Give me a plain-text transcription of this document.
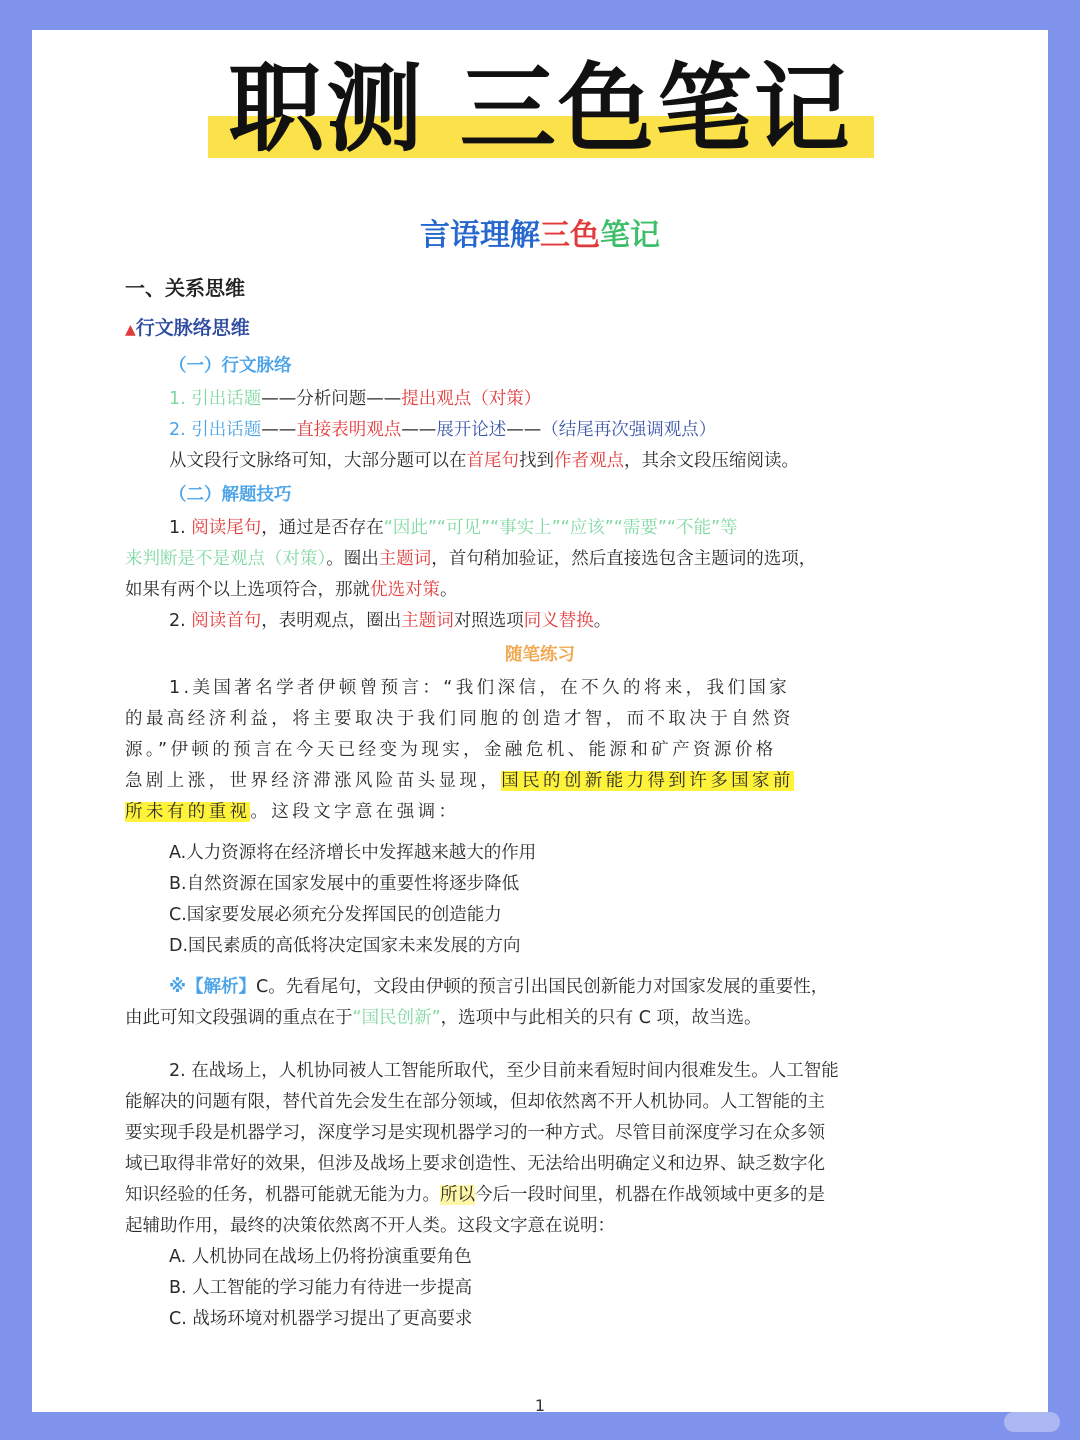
职测 三色笔记
言语理解三色笔记
一、关系思维
▲行文脉络思维
（一）行文脉络
1. 引出话题——分析问题——提出观点（对策）
2. 引出话题——直接表明观点——展开论述——（结尾再次强调观点）
从文段行文脉络可知，大部分题可以在首尾句找到作者观点，其余文段压缩阅读。
（二）解题技巧
1. 阅读尾句，通过是否存在“因此”“可见”“事实上”“应该”“需要”“不能”等
来判断是不是观点（对策）。圈出主题词，首句稍加验证，然后直接选包含主题词的选项，
如果有两个以上选项符合，那就优选对策。
2. 阅读首句，表明观点，圈出主题词对照选项同义替换。
随笔练习
1.美国著名学者伊顿曾预言：“我们深信，在不久的将来，我们国家
的最高经济利益，将主要取决于我们同胞的创造才智，而不取决于自然资
源。”伊顿的预言在今天已经变为现实，金融危机、能源和矿产资源价格
急剧上涨，世界经济滞涨风险苗头显现，国民的创新能力得到许多国家前
所未有的重视。这段文字意在强调：
A.人力资源将在经济增长中发挥越来越大的作用
B.自然资源在国家发展中的重要性将逐步降低
C.国家要发展必须充分发挥国民的创造能力
D.国民素质的高低将决定国家未来发展的方向
※【解析】C。先看尾句，文段由伊顿的预言引出国民创新能力对国家发展的重要性，
由此可知文段强调的重点在于“国民创新”，选项中与此相关的只有 C 项，故当选。
2. 在战场上，人机协同被人工智能所取代，至少目前来看短时间内很难发生。人工智能
能解决的问题有限，替代首先会发生在部分领域，但却依然离不开人机协同。人工智能的主
要实现手段是机器学习，深度学习是实现机器学习的一种方式。尽管目前深度学习在众多领
域已取得非常好的效果，但涉及战场上要求创造性、无法给出明确定义和边界、缺乏数字化
知识经验的任务，机器可能就无能为力。所以今后一段时间里，机器在作战领域中更多的是
起辅助作用，最终的决策依然离不开人类。这段文字意在说明：
A. 人机协同在战场上仍将扮演重要角色
B. 人工智能的学习能力有待进一步提高
C. 战场环境对机器学习提出了更高要求
1
